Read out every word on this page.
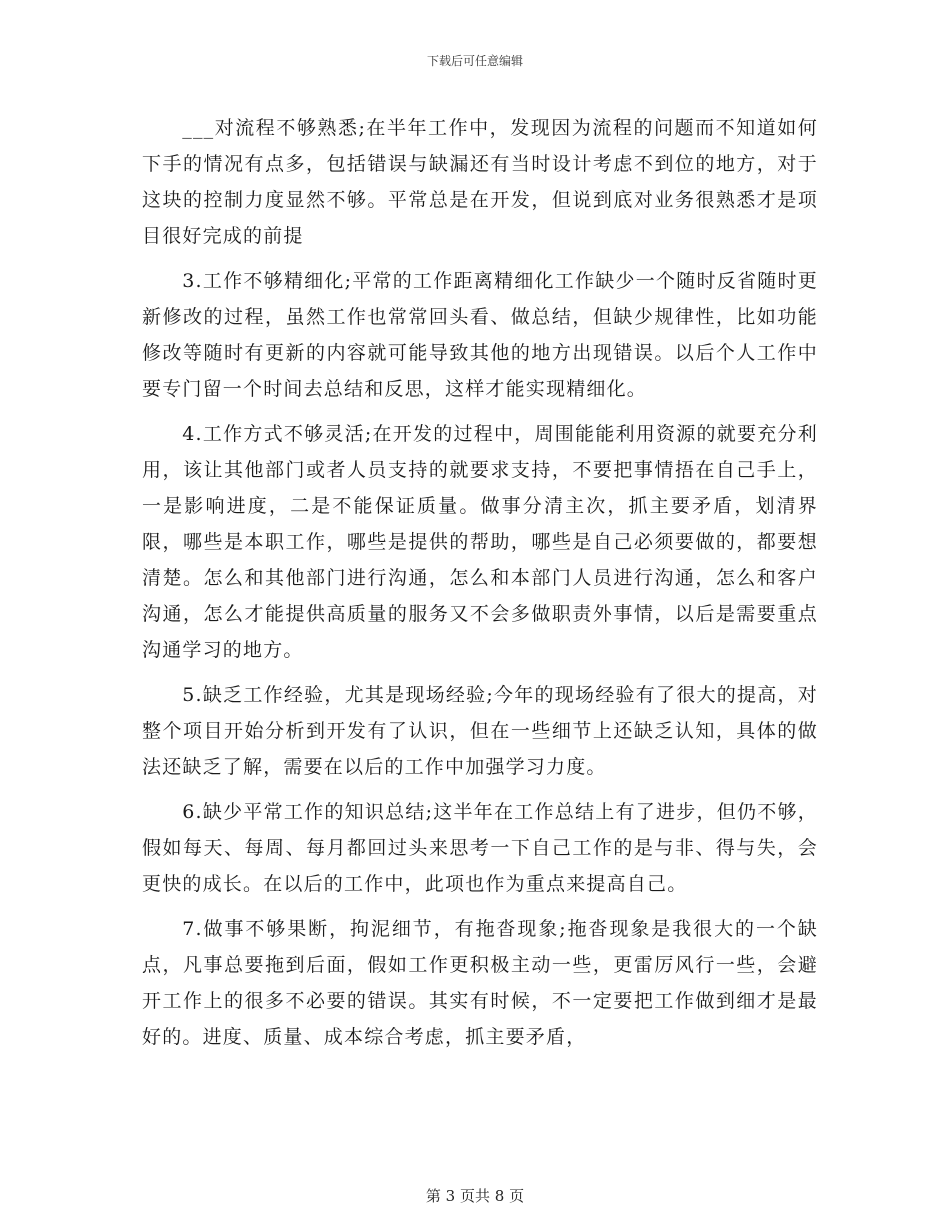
下载后可任意编辑

___对流程不够熟悉;在半年工作中，发现因为流程的问题而不知道如何下手的情况有点多，包括错误与缺漏还有当时设计考虑不到位的地方，对于这块的控制力度显然不够。平常总是在开发，但说到底对业务很熟悉才是项目很好完成的前提

3.工作不够精细化;平常的工作距离精细化工作缺少一个随时反省随时更新修改的过程，虽然工作也常常回头看、做总结，但缺少规律性，比如功能修改等随时有更新的内容就可能导致其他的地方出现错误。以后个人工作中要专门留一个时间去总结和反思，这样才能实现精细化。

4.工作方式不够灵活;在开发的过程中，周围能能利用资源的就要充分利用，该让其他部门或者人员支持的就要求支持，不要把事情捂在自己手上，一是影响进度，二是不能保证质量。做事分清主次，抓主要矛盾，划清界限，哪些是本职工作，哪些是提供的帮助，哪些是自己必须要做的，都要想清楚。怎么和其他部门进行沟通，怎么和本部门人员进行沟通，怎么和客户沟通，怎么才能提供高质量的服务又不会多做职责外事情，以后是需要重点沟通学习的地方。

5.缺乏工作经验，尤其是现场经验;今年的现场经验有了很大的提高，对整个项目开始分析到开发有了认识，但在一些细节上还缺乏认知，具体的做法还缺乏了解，需要在以后的工作中加强学习力度。

6.缺少平常工作的知识总结;这半年在工作总结上有了进步，但仍不够，假如每天、每周、每月都回过头来思考一下自己工作的是与非、得与失，会更快的成长。在以后的工作中，此项也作为重点来提高自己。

7.做事不够果断，拘泥细节，有拖沓现象;拖沓现象是我很大的一个缺点，凡事总要拖到后面，假如工作更积极主动一些，更雷厉风行一些，会避开工作上的很多不必要的错误。其实有时候，不一定要把工作做到细才是最好的。进度、质量、成本综合考虑，抓主要矛盾，

第 3 页共 8 页
